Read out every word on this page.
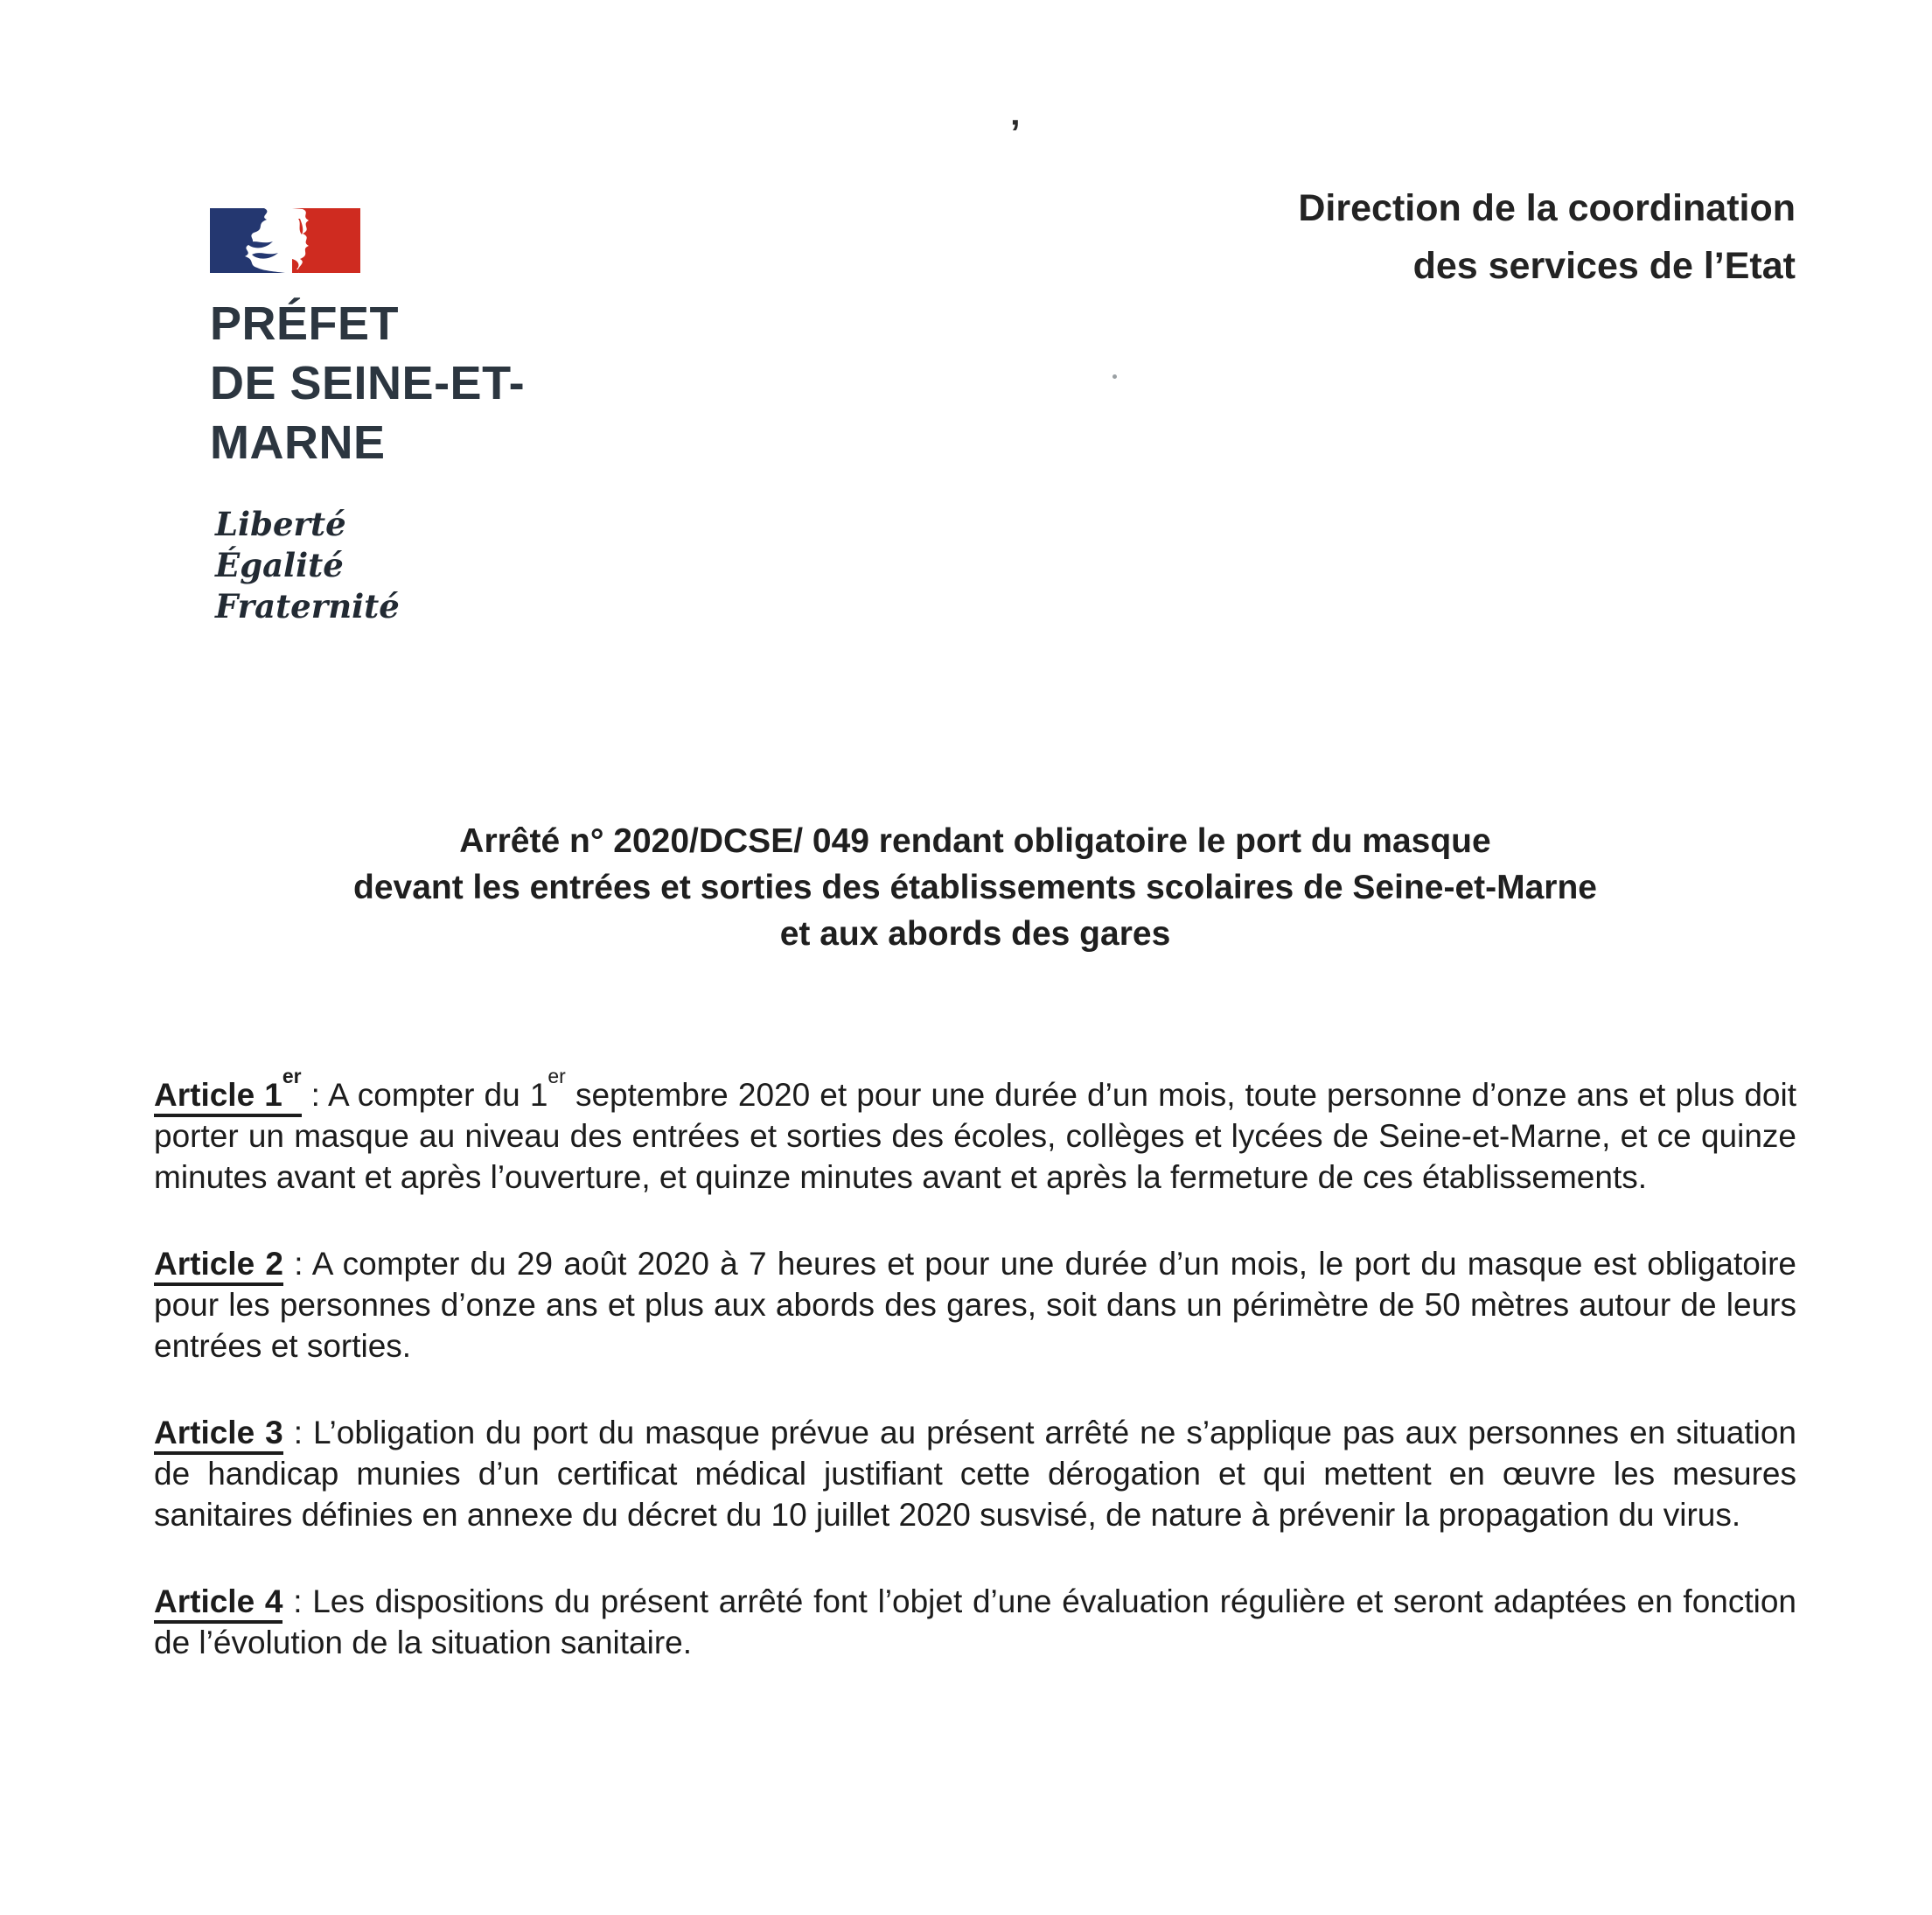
’
PRÉFET
DE SEINE-ET-MARNE
Liberté
Égalité
Fraternité
Direction de la coordination
des services de l’Etat
Arrêté n° 2020/DCSE/ 049 rendant obligatoire le port du masque
devant les entrées et sorties des établissements scolaires de Seine-et-Marne
et aux abords des gares

Article 1er : A compter du 1er septembre 2020 et pour une durée d’un mois, toute personne d’onze ans et plus doit porter un masque au niveau des entrées et sorties des écoles, collèges et lycées de Seine-et-Marne, et ce quinze minutes avant et après l’ouverture, et quinze minutes avant et après la fermeture de ces établissements.

Article 2 : A compter du 29 août 2020 à 7 heures et pour une durée d’un mois, le port du masque est obligatoire pour les personnes d’onze ans et plus aux abords des gares, soit dans un périmètre de 50 mètres autour de leurs entrées et sorties.

Article 3 : L’obligation du port du masque prévue au présent arrêté ne s’applique pas aux personnes en situation de handicap munies d’un certificat médical justifiant cette dérogation et qui mettent en œuvre les mesures sanitaires définies en annexe du décret du 10 juillet 2020 susvisé, de nature à prévenir la propagation du virus.

Article 4 : Les dispositions du présent arrêté font l’objet d’une évaluation régulière et seront adaptées en fonction de l’évolution de la situation sanitaire.
